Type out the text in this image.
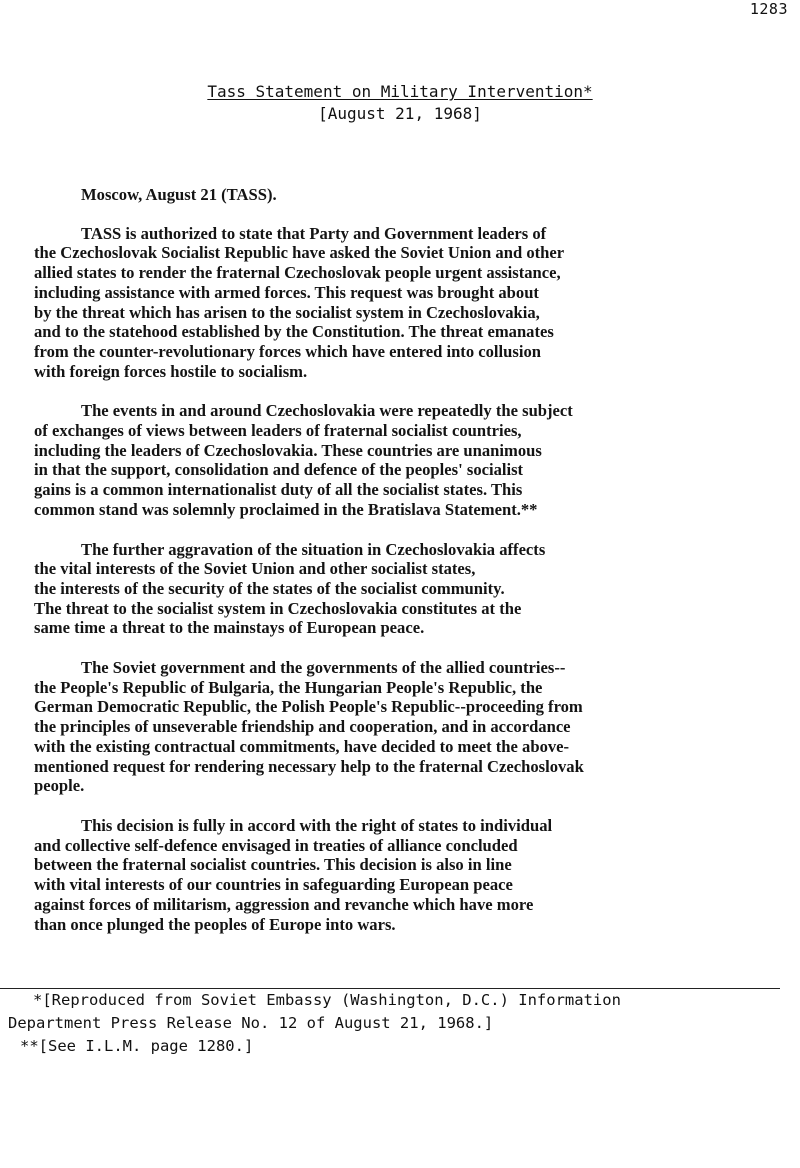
1283
Tass Statement on Military Intervention*
[August 21, 1968]
Moscow, August 21 (TASS).
TASS is authorized to state that Party and Government leaders of
the Czechoslovak Socialist Republic have asked the Soviet Union and other
allied states to render the fraternal Czechoslovak people urgent assistance,
including assistance with armed forces. This request was brought about
by the threat which has arisen to the socialist system in Czechoslovakia,
and to the statehood established by the Constitution. The threat emanates
from the counter-revolutionary forces which have entered into collusion
with foreign forces hostile to socialism.
The events in and around Czechoslovakia were repeatedly the subject
of exchanges of views between leaders of fraternal socialist countries,
including the leaders of Czechoslovakia. These countries are unanimous
in that the support, consolidation and defence of the peoples' socialist
gains is a common internationalist duty of all the socialist states. This
common stand was solemnly proclaimed in the Bratislava Statement.**
The further aggravation of the situation in Czechoslovakia affects
the vital interests of the Soviet Union and other socialist states,
the interests of the security of the states of the socialist community.
The threat to the socialist system in Czechoslovakia constitutes at the
same time a threat to the mainstays of European peace.
The Soviet government and the governments of the allied countries--
the People's Republic of Bulgaria, the Hungarian People's Republic, the
German Democratic Republic, the Polish People's Republic--proceeding from
the principles of unseverable friendship and cooperation, and in accordance
with the existing contractual commitments, have decided to meet the above-
mentioned request for rendering necessary help to the fraternal Czechoslovak
people.
This decision is fully in accord with the right of states to individual
and collective self-defence envisaged in treaties of alliance concluded
between the fraternal socialist countries. This decision is also in line
with vital interests of our countries in safeguarding European peace
against forces of militarism, aggression and revanche which have more
than once plunged the peoples of Europe into wars.
*[Reproduced from Soviet Embassy (Washington, D.C.) Information
Department Press Release No. 12 of August 21, 1968.]
**[See I.L.M. page 1280.]
